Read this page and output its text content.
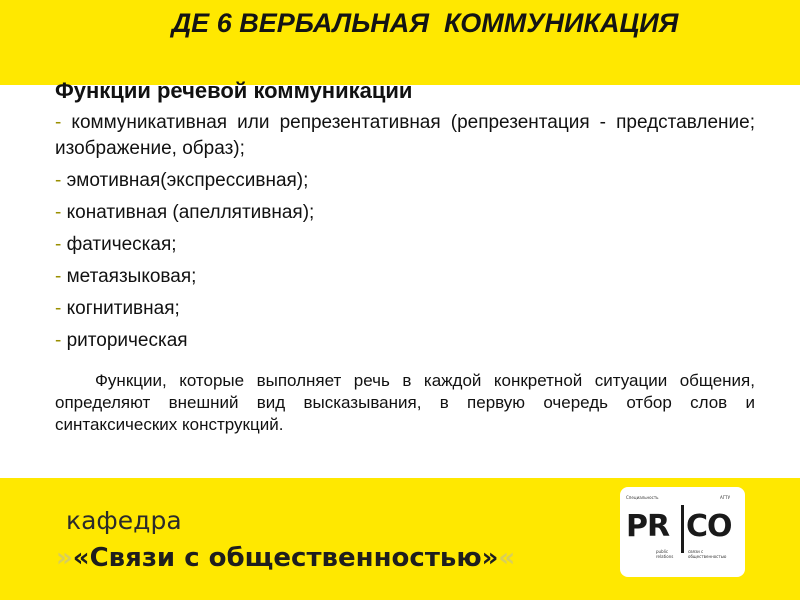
ДЕ 6 ВЕРБАЛЬНАЯ  КОММУНИКАЦИЯ
Функции речевой коммуникации
- коммуникативная или репрезентативная (репрезентация - представление; изображение, образ);
- эмотивная(экспрессивная);
- конативная (апеллятивная);
- фатическая;
- метаязыковая;
- когнитивная;
- риторическая
Функции, которые выполняет речь в каждой конкретной ситуации общения, определяют внешний вид высказывания, в первую очередь отбор слов и синтаксических конструкций.
кафедра
»«Связи с общественностью»«
Специальность	АГТУ
PR CO
public relations
связи с общественностью
